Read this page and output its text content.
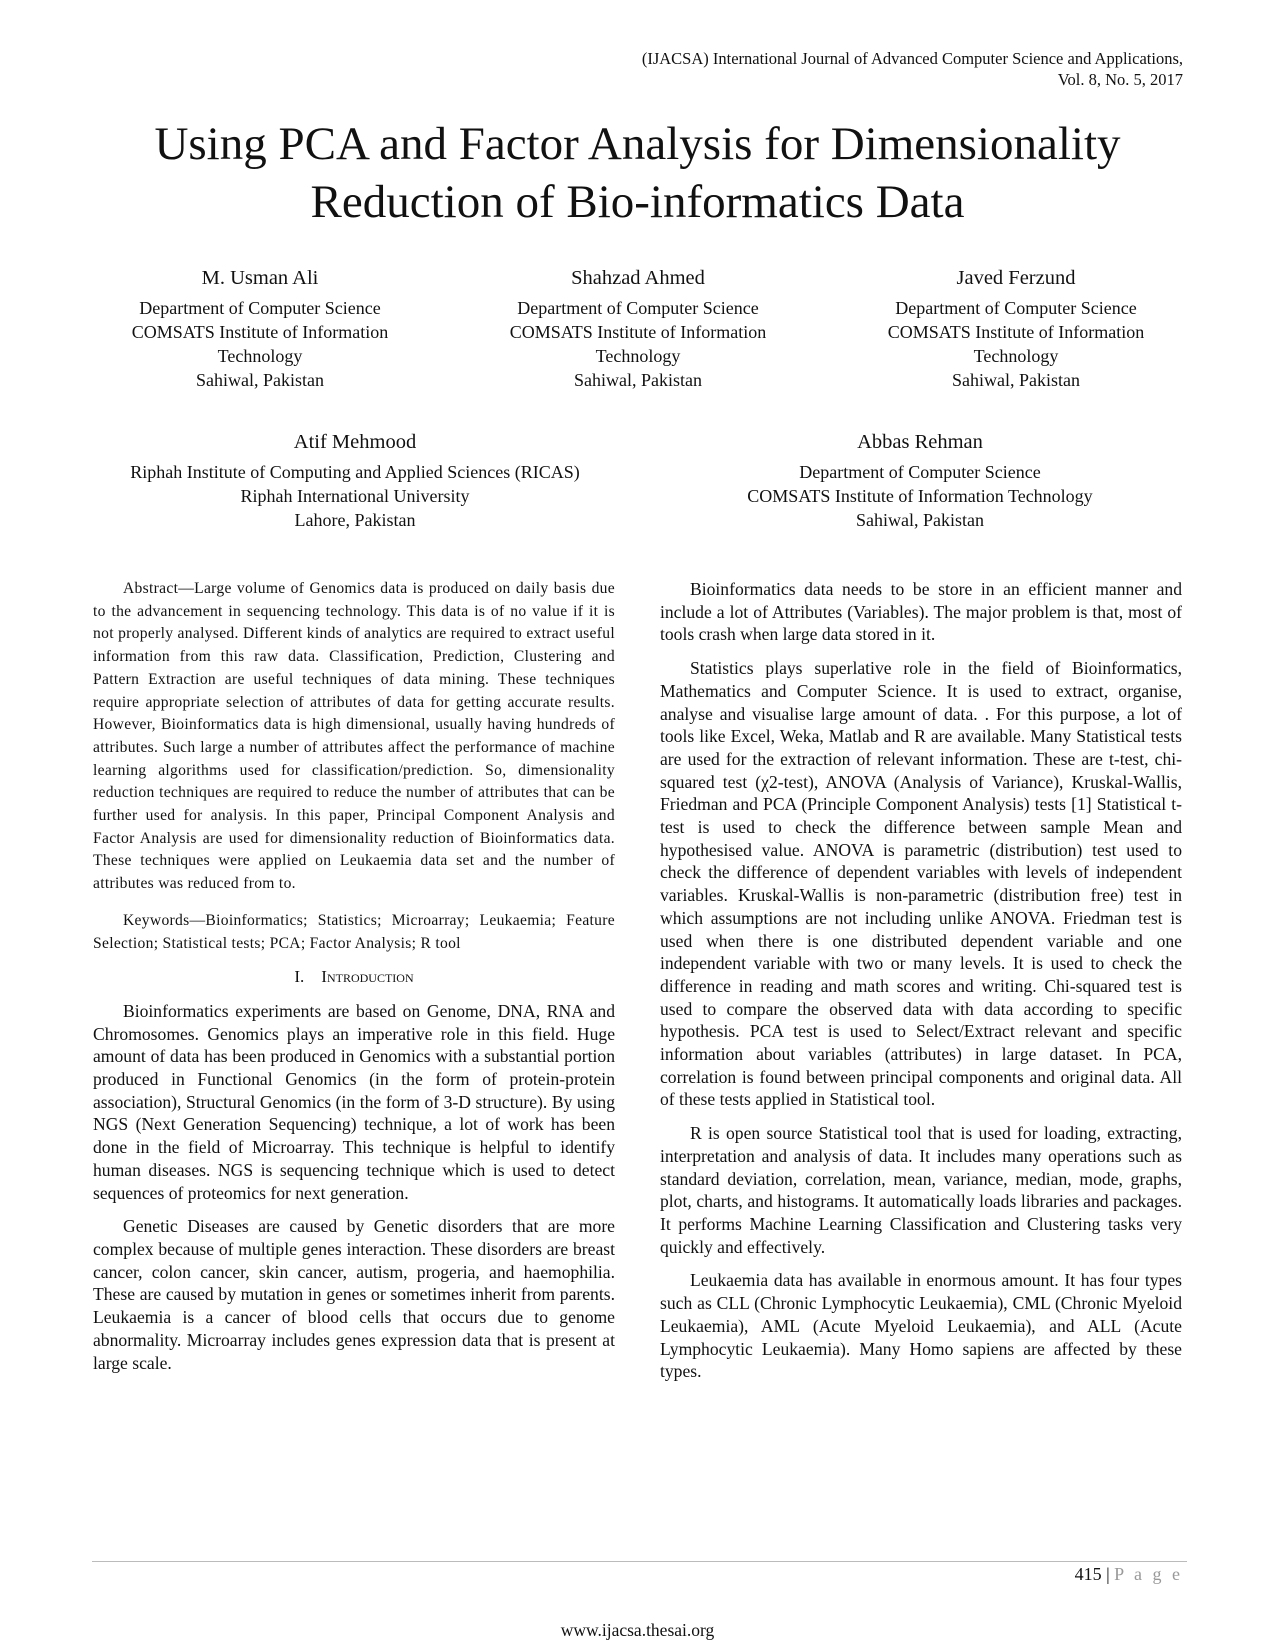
(IJACSA) International Journal of Advanced Computer Science and Applications,
Vol. 8, No. 5, 2017
Using PCA and Factor Analysis for Dimensionality
Reduction of Bio-informatics Data
M. Usman Ali
Department of Computer Science
COMSATS Institute of Information
Technology
Sahiwal, Pakistan
Shahzad Ahmed
Department of Computer Science
COMSATS Institute of Information
Technology
Sahiwal, Pakistan
Javed Ferzund
Department of Computer Science
COMSATS Institute of Information
Technology
Sahiwal, Pakistan
Atif Mehmood
Riphah Institute of Computing and Applied Sciences (RICAS)
Riphah International University
Lahore, Pakistan
Abbas Rehman
Department of Computer Science
COMSATS Institute of Information Technology
Sahiwal, Pakistan

Abstract—Large volume of Genomics data is produced on daily basis due to the advancement in sequencing technology. This data is of no value if it is not properly analysed. Different kinds of analytics are required to extract useful information from this raw data. Classification, Prediction, Clustering and Pattern Extraction are useful techniques of data mining. These techniques require appropriate selection of attributes of data for getting accurate results. However, Bioinformatics data is high dimensional, usually having hundreds of attributes. Such large a number of attributes affect the performance of machine learning algorithms used for classification/prediction. So, dimensionality reduction techniques are required to reduce the number of attributes that can be further used for analysis. In this paper, Principal Component Analysis and Factor Analysis are used for dimensionality reduction of Bioinformatics data. These techniques were applied on Leukaemia data set and the number of attributes was reduced from to.

Keywords—Bioinformatics; Statistics; Microarray; Leukaemia; Feature Selection; Statistical tests; PCA; Factor Analysis; R tool

I. Introduction

Bioinformatics experiments are based on Genome, DNA, RNA and Chromosomes. Genomics plays an imperative role in this field. Huge amount of data has been produced in Genomics with a substantial portion produced in Functional Genomics (in the form of protein-protein association), Structural Genomics (in the form of 3-D structure). By using NGS (Next Generation Sequencing) technique, a lot of work has been done in the field of Microarray. This technique is helpful to identify human diseases. NGS is sequencing technique which is used to detect sequences of proteomics for next generation.

Genetic Diseases are caused by Genetic disorders that are more complex because of multiple genes interaction. These disorders are breast cancer, colon cancer, skin cancer, autism, progeria, and haemophilia. These are caused by mutation in genes or sometimes inherit from parents. Leukaemia is a cancer of blood cells that occurs due to genome abnormality. Microarray includes genes expression data that is present at large scale.

Bioinformatics data needs to be store in an efficient manner and include a lot of Attributes (Variables). The major problem is that, most of tools crash when large data stored in it.

Statistics plays superlative role in the field of Bioinformatics, Mathematics and Computer Science. It is used to extract, organise, analyse and visualise large amount of data. . For this purpose, a lot of tools like Excel, Weka, Matlab and R are available. Many Statistical tests are used for the extraction of relevant information. These are t-test, chi-squared test (χ2-test), ANOVA (Analysis of Variance), Kruskal-Wallis, Friedman and PCA (Principle Component Analysis) tests [1] Statistical t-test is used to check the difference between sample Mean and hypothesised value. ANOVA is parametric (distribution) test used to check the difference of dependent variables with levels of independent variables. Kruskal-Wallis is non-parametric (distribution free) test in which assumptions are not including unlike ANOVA. Friedman test is used when there is one distributed dependent variable and one independent variable with two or many levels. It is used to check the difference in reading and math scores and writing. Chi-squared test is used to compare the observed data with data according to specific hypothesis. PCA test is used to Select/Extract relevant and specific information about variables (attributes) in large dataset. In PCA, correlation is found between principal components and original data. All of these tests applied in Statistical tool.

R is open source Statistical tool that is used for loading, extracting, interpretation and analysis of data. It includes many operations such as standard deviation, correlation, mean, variance, median, mode, graphs, plot, charts, and histograms. It automatically loads libraries and packages. It performs Machine Learning Classification and Clustering tasks very quickly and effectively.

Leukaemia data has available in enormous amount. It has four types such as CLL (Chronic Lymphocytic Leukaemia), CML (Chronic Myeloid Leukaemia), AML (Acute Myeloid Leukaemia), and ALL (Acute Lymphocytic Leukaemia). Many Homo sapiens are affected by these types.

415 | P a g e
www.ijacsa.thesai.org
